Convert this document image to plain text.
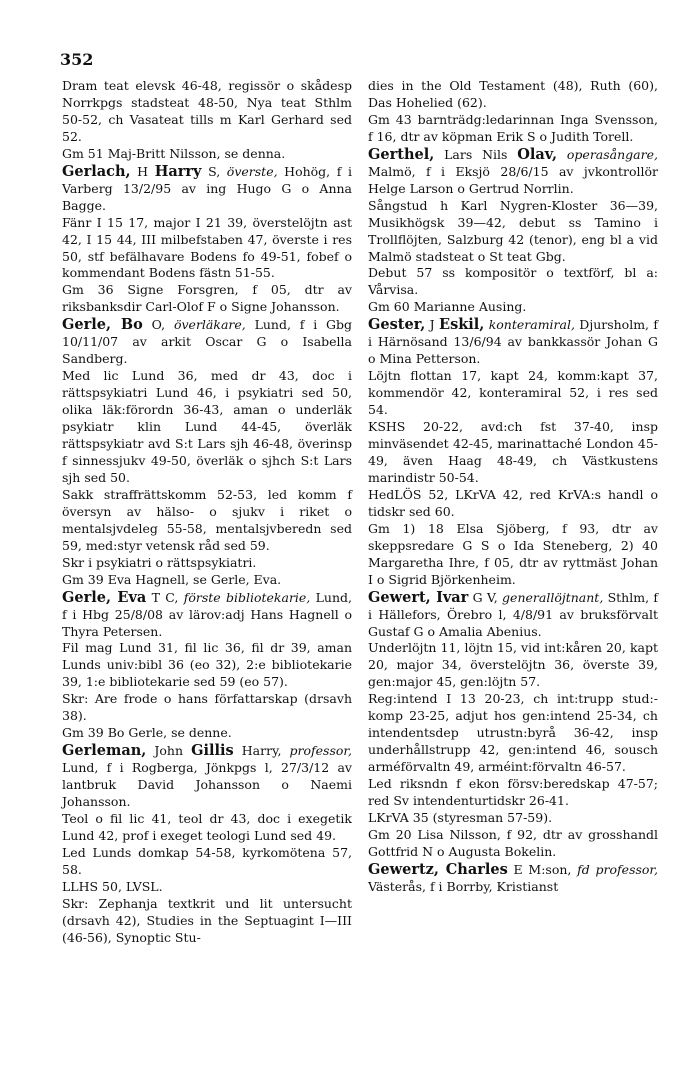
352

Dram teat elevsk 46-48, regissör o skådesp Norrkpgs stadsteat 48-50, Nya teat Sthlm 50-52, ch Vasateat tills m Karl Gerhard sed 52.

Gm 51 Maj-Britt Nilsson, se denna.

Gerlach, H Harry S, överste, Hohög, f i Varberg 13/2/95 av ing Hugo G o Anna Bagge.

Fänr I 15 17, major I 21 39, överstelöjtn ast 42, I 15 44, III milbefstaben 47, överste i res 50, stf befälhavare Bodens fo 49-51, fobef o kommendant Bodens fästn 51-55.

Gm 36 Signe Forsgren, f 05, dtr av riksbanksdir Carl-Olof F o Signe Johansson.

Gerle, Bo O, överläkare, Lund, f i Gbg 10/11/07 av arkit Oscar G o Isabella Sandberg.

Med lic Lund 36, med dr 43, doc i rättspsykiatri Lund 46, i psykiatri sed 50, olika läk:förordn 36-43, aman o underläk psykiatr klin Lund 44-45, överläk rättspsykiatr avd S:t Lars sjh 46-48, överinsp f sinnessjukv 49-50, överläk o sjhch S:t Lars sjh sed 50.

Sakk straffrättskomm 52-53, led komm f översyn av hälso- o sjukv i riket o mentalsjvdeleg 55-58, mentalsjvberedn sed 59, med:styr vetensk råd sed 59.

Skr i psykiatri o rättspsykiatri.

Gm 39 Eva Hagnell, se Gerle, Eva.

Gerle, Eva T C, förste bibliotekarie, Lund, f i Hbg 25/8/08 av lärov:adj Hans Hagnell o Thyra Petersen.

Fil mag Lund 31, fil lic 36, fil dr 39, aman Lunds univ:bibl 36 (eo 32), 2:e bibliotekarie 39, 1:e bibliotekarie sed 59 (eo 57).

Skr: Are frode o hans författarskap (drsavh 38).

Gm 39 Bo Gerle, se denne.

Gerleman, John Gillis Harry, professor, Lund, f i Rogberga, Jönkpgs l, 27/3/12 av lantbruk David Johansson o Naemi Johansson.

Teol o fil lic 41, teol dr 43, doc i exegetik Lund 42, prof i exeget teologi Lund sed 49.

Led Lunds domkap 54-58, kyrkomötena 57, 58.

LLHS 50, LVSL.

Skr: Zephanja textkrit und lit untersucht (drsavh 42), Studies in the Septuagint I—III (46-56), Synoptic Stu-

dies in the Old Testament (48), Ruth (60), Das Hohelied (62).

Gm 43 barnträdg:ledarinnan Inga Svensson, f 16, dtr av köpman Erik S o Judith Torell.

Gerthel, Lars Nils Olav, operasångare, Malmö, f i Eksjö 28/6/15 av jvkontrollör Helge Larson o Gertrud Norrlin.

Sångstud h Karl Nygren-Kloster 36—39, Musikhögsk 39—42, debut ss Tamino i Trollflöjten, Salzburg 42 (tenor), eng bl a vid Malmö stadsteat o St teat Gbg.

Debut 57 ss kompositör o textförf, bl a: Vårvisa.

Gm 60 Marianne Ausing.

Gester, J Eskil, konteramiral, Djursholm, f i Härnösand 13/6/94 av bankkassör Johan G o Mina Petterson.

Löjtn flottan 17, kapt 24, komm:kapt 37, kommendör 42, konteramiral 52, i res sed 54.

KSHS 20-22, avd:ch fst 37-40, insp minväsendet 42-45, marinattaché London 45-49, även Haag 48-49, ch Västkustens marindistr 50-54.

HedLÖS 52, LKrVA 42, red KrVA:s handl o tidskr sed 60.

Gm 1) 18 Elsa Sjöberg, f 93, dtr av skeppsredare G S o Ida Steneberg, 2) 40 Margaretha Ihre, f 05, dtr av ryttmäst Johan I o Sigrid Björkenheim.

Gewert, Ivar G V, generallöjtnant, Sthlm, f i Hällefors, Örebro l, 4/8/91 av bruksförvalt Gustaf G o Amalia Abenius.

Underlöjtn 11, löjtn 15, vid int:kåren 20, kapt 20, major 34, överstelöjtn 36, överste 39, gen:major 45, gen:löjtn 57.

Reg:intend I 13 20-23, ch int:trupp stud:-komp 23-25, adjut hos gen:intend 25-34, ch intendentsdep utrustn:byrå 36-42, insp underhållstrupp 42, gen:intend 46, sousch arméförvaltn 49, arméint:förvaltn 46-57.

Led riksndn f ekon försv:beredskap 47-57; red Sv intendenturtidskr 26-41.

LKrVA 35 (styresman 57-59).

Gm 20 Lisa Nilsson, f 92, dtr av grosshandl Gottfrid N o Augusta Bokelin.

Gewertz, Charles E M:son, fd professor, Västerås, f i Borrby, Kristianst
